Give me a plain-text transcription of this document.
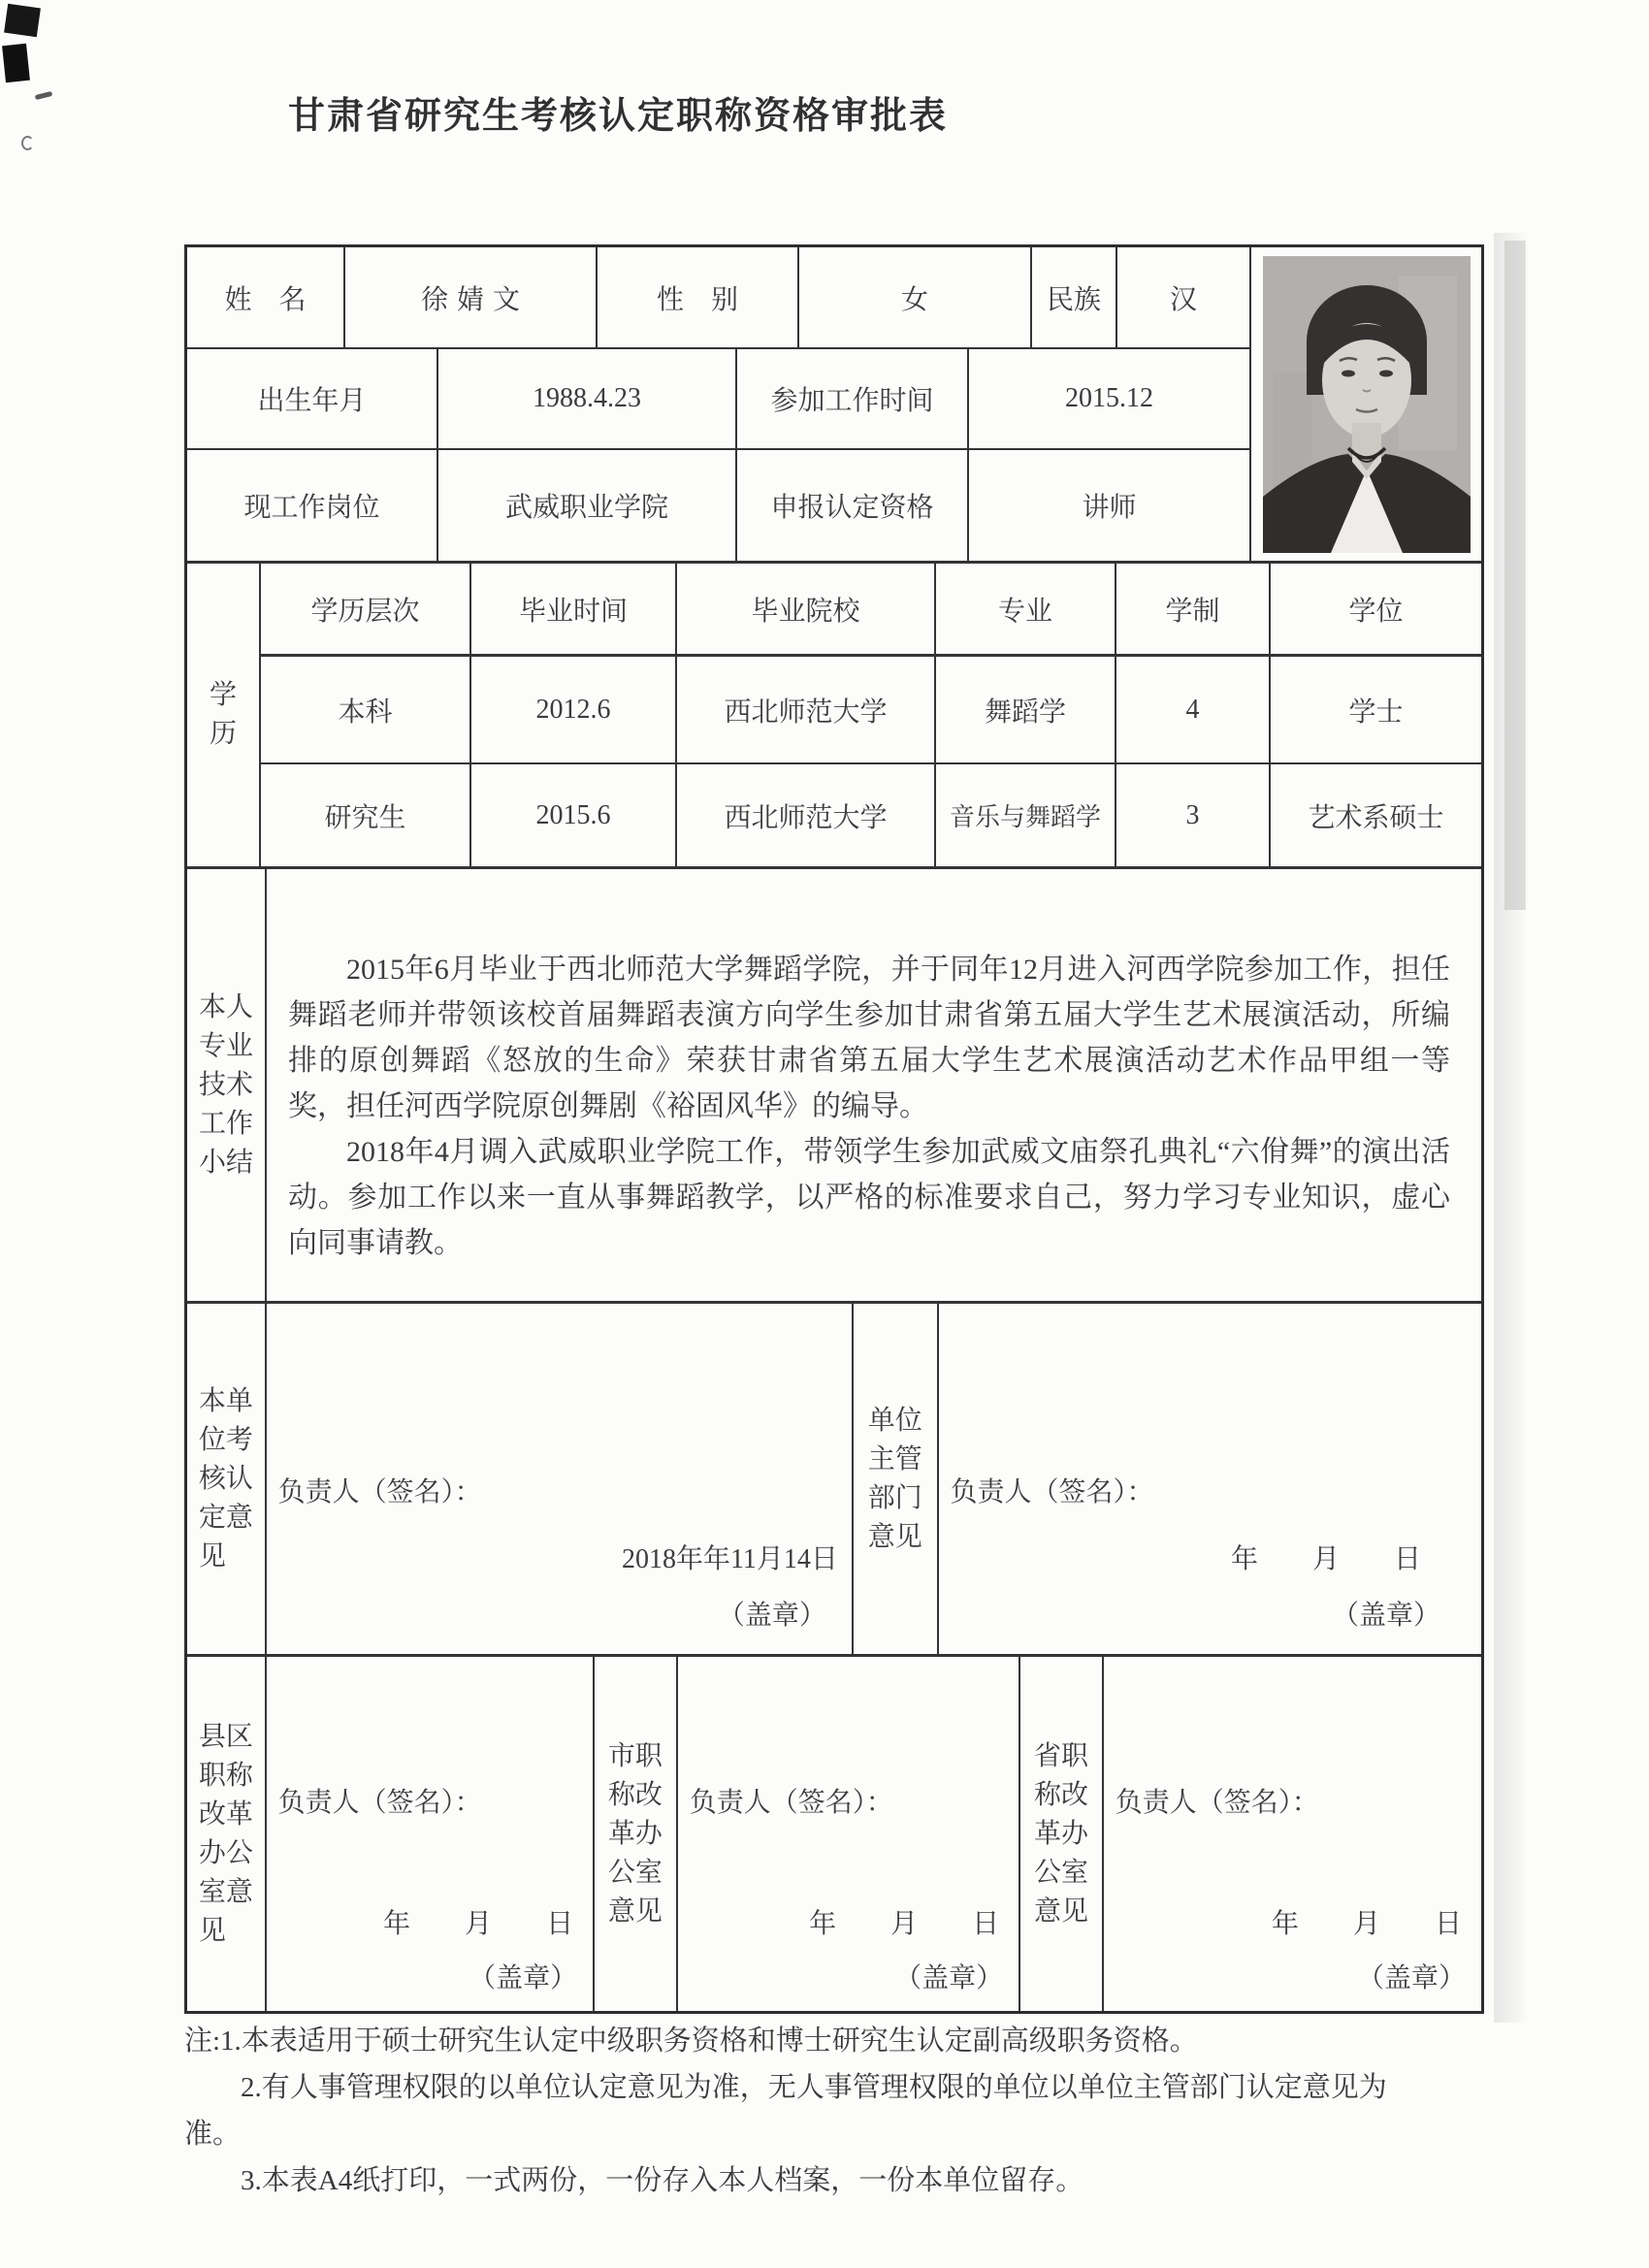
甘肃省研究生考核认定职称资格审批表
姓　名	徐婧文	性　别	女	民族	汉
出生年月	1988.4.23	参加工作时间	2015.12
现工作岗位	武威职业学院	申报认定资格	讲师
学历
学历层次	毕业时间	毕业院校	专业	学制	学位
本科	2012.6	西北师范大学	舞蹈学	4	学士
研究生	2015.6	西北师范大学	音乐与舞蹈学	3	艺术系硕士
本人专业技术工作小结

2015年6月毕业于西北师范大学舞蹈学院，并于同年12月进入河西学院参加工作，担任舞蹈老师并带领该校首届舞蹈表演方向学生参加甘肃省第五届大学生艺术展演活动，所编排的原创舞蹈《怒放的生命》荣获甘肃省第五届大学生艺术展演活动艺术作品甲组一等奖，担任河西学院原创舞剧《裕固风华》的编导。

2018年4月调入武威职业学院工作，带领学生参加武威文庙祭孔典礼“六佾舞”的演出活动。参加工作以来一直从事舞蹈教学，以严格的标准要求自己，努力学习专业知识，虚心向同事请教。

本单位考核认定意见
负责人（签名）：
2018年年11月14日
（盖章）
单位主管部门意见
负责人（签名）：
年　　月　　日
（盖章）
县区职称改革办公室意见
负责人（签名）：
年　　月　　日
（盖章）
市职称改革办公室意见
负责人（签名）：
年　　月　　日
（盖章）
省职称改革办公室意见
负责人（签名）：
年　　月　　日
（盖章）
注:1.本表适用于硕士研究生认定中级职务资格和博士研究生认定副高级职务资格。
2.有人事管理权限的以单位认定意见为准，无人事管理权限的单位以单位主管部门认定意见为准。
3.本表A4纸打印，一式两份，一份存入本人档案，一份本单位留存。
